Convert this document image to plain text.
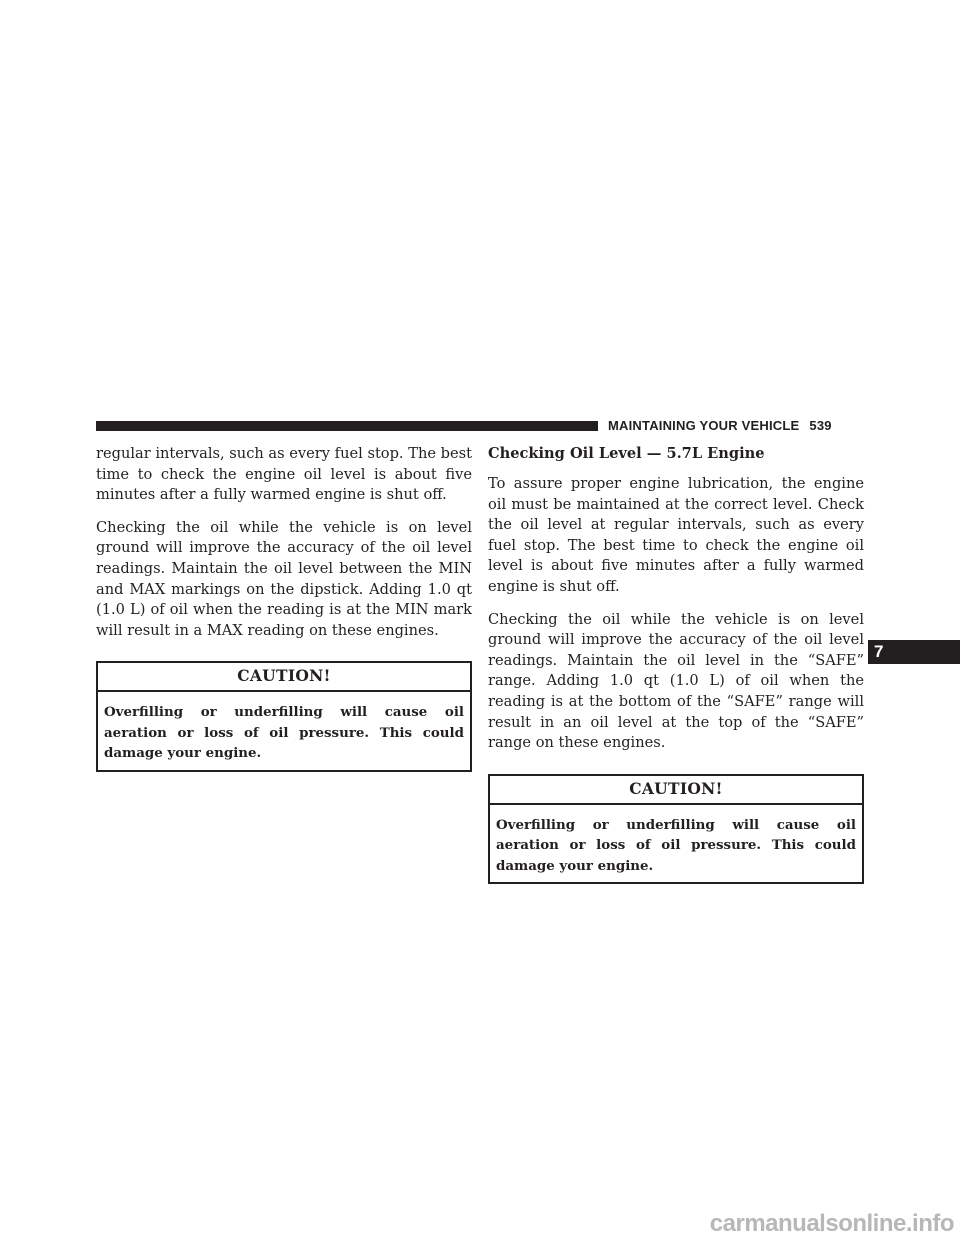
MAINTAINING YOUR VEHICLE 539

regular intervals, such as every fuel stop. The best time to check the engine oil level is about five minutes after a fully warmed engine is shut off.

Checking the oil while the vehicle is on level ground will improve the accuracy of the oil level readings. Maintain the oil level between the MIN and MAX markings on the dipstick. Adding 1.0 qt (1.0 L) of oil when the reading is at the MIN mark will result in a MAX reading on these engines.

CAUTION!
Overfilling or underfilling will cause oil aeration or loss of oil pressure. This could damage your engine.
Checking Oil Level — 5.7L Engine

To assure proper engine lubrication, the engine oil must be maintained at the correct level. Check the oil level at regular intervals, such as every fuel stop. The best time to check the engine oil level is about five minutes after a fully warmed engine is shut off.

Checking the oil while the vehicle is on level ground will improve the accuracy of the oil level readings. Maintain the oil level in the “SAFE” range. Adding 1.0 qt (1.0 L) of oil when the reading is at the bottom of the “SAFE” range will result in an oil level at the top of the “SAFE” range on these engines.

CAUTION!
Overfilling or underfilling will cause oil aeration or loss of oil pressure. This could damage your engine.
7
carmanualsonline.info
